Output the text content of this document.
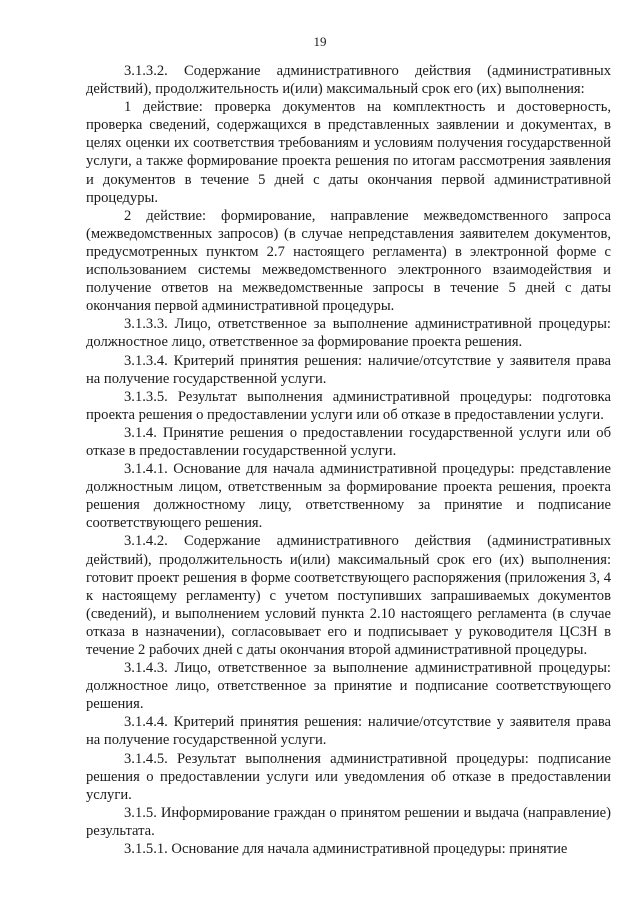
19

3.1.3.2. Содержание административного действия (административных действий), продолжительность и(или) максимальный срок его (их) выполнения:

1 действие: проверка документов на комплектность и достоверность, проверка сведений, содержащихся в представленных заявлении и документах, в целях оценки их соответствия требованиям и условиям получения государственной услуги, а также формирование проекта решения по итогам рассмотрения заявления и документов в течение 5 дней с даты окончания первой административной процедуры.

2 действие: формирование, направление межведомственного запроса (межведомственных запросов) (в случае непредставления заявителем документов, предусмотренных пунктом 2.7 настоящего регламента) в электронной форме с использованием системы межведомственного электронного взаимодействия и получение ответов на межведомственные запросы в течение 5 дней с даты окончания первой административной процедуры.

3.1.3.3. Лицо, ответственное за выполнение административной процедуры: должностное лицо, ответственное за формирование проекта решения.

3.1.3.4. Критерий принятия решения: наличие/отсутствие у заявителя права на получение государственной услуги.

3.1.3.5. Результат выполнения административной процедуры: подготовка проекта решения о предоставлении услуги или об отказе в предоставлении услуги.

3.1.4. Принятие решения о предоставлении государственной услуги или об отказе в предоставлении государственной услуги.

3.1.4.1. Основание для начала административной процедуры: представление должностным лицом, ответственным за формирование проекта решения, проекта решения должностному лицу, ответственному за принятие и подписание соответствующего решения.

3.1.4.2. Содержание административного действия (административных действий), продолжительность и(или) максимальный срок его (их) выполнения: готовит проект решения в форме соответствующего распоряжения (приложения 3, 4 к настоящему регламенту) с учетом поступивших запрашиваемых документов (сведений), и выполнением условий пункта 2.10 настоящего регламента (в случае отказа в назначении), согласовывает его и подписывает у руководителя ЦСЗН в течение 2 рабочих дней с даты окончания второй административной процедуры.

3.1.4.3. Лицо, ответственное за выполнение административной процедуры: должностное лицо, ответственное за принятие и подписание соответствующего решения.

3.1.4.4. Критерий принятия решения: наличие/отсутствие у заявителя права на получение государственной услуги.

3.1.4.5. Результат выполнения административной процедуры: подписание решения о предоставлении услуги или уведомления об отказе в предоставлении услуги.

3.1.5. Информирование граждан о принятом решении и выдача (направление) результата.

3.1.5.1. Основание для начала административной процедуры: принятие
